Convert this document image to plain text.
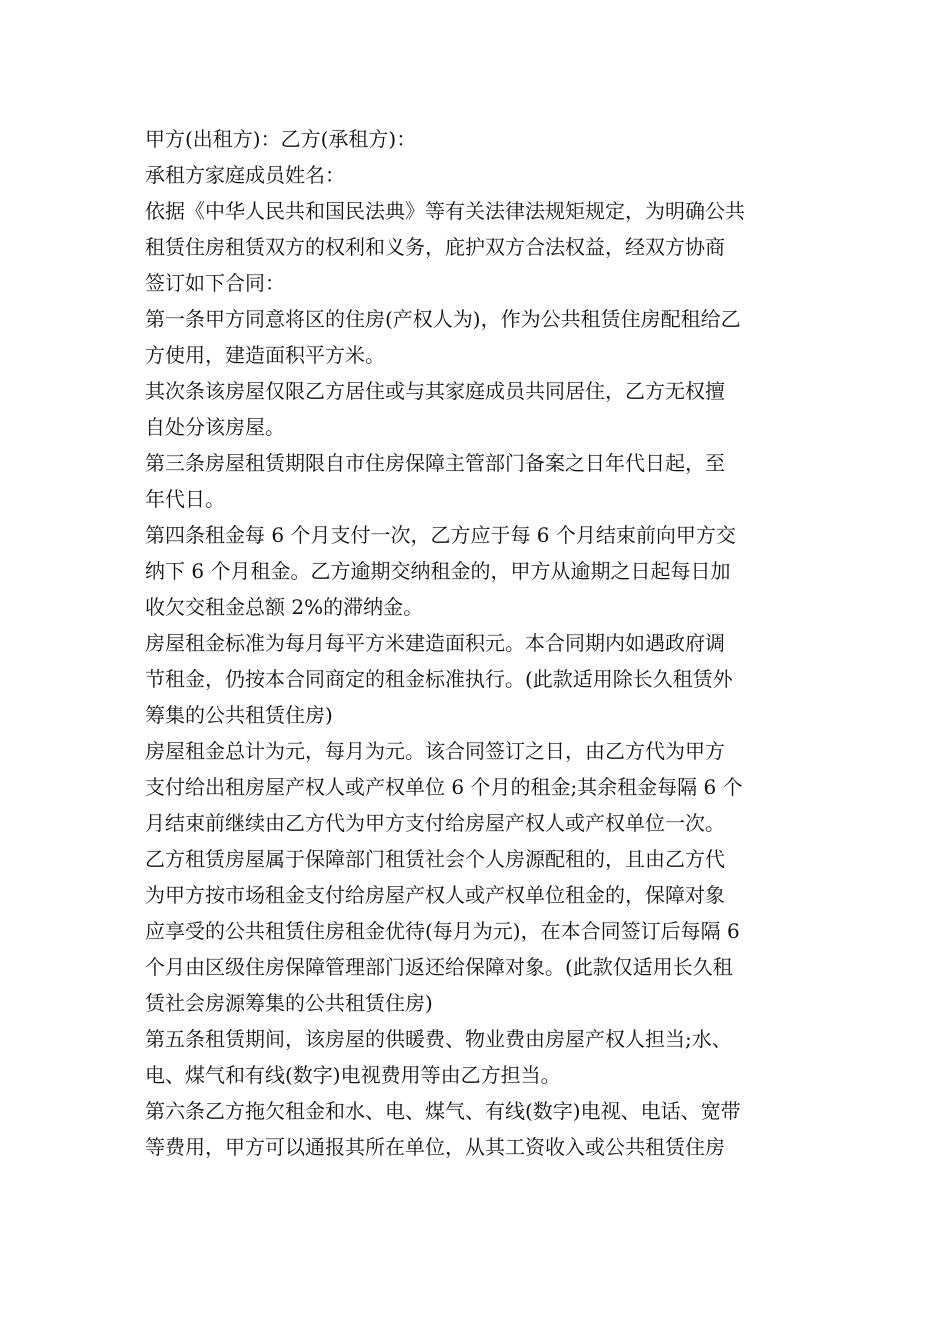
甲方(出租方)：乙方(承租方)：
承租方家庭成员姓名：
依据《中华人民共和国民法典》等有关法律法规矩规定，为明确公共
租赁住房租赁双方的权利和义务，庇护双方合法权益，经双方协商
签订如下合同：
第一条甲方同意将区的住房(产权人为)，作为公共租赁住房配租给乙
方使用，建造面积平方米。
其次条该房屋仅限乙方居住或与其家庭成员共同居住，乙方无权擅
自处分该房屋。
第三条房屋租赁期限自市住房保障主管部门备案之日年代日起，至
年代日。
第四条租金每 6 个月支付一次，乙方应于每 6 个月结束前向甲方交
纳下 6 个月租金。乙方逾期交纳租金的，甲方从逾期之日起每日加
收欠交租金总额 2%的滞纳金。
房屋租金标准为每月每平方米建造面积元。本合同期内如遇政府调
节租金，仍按本合同商定的租金标准执行。(此款适用除长久租赁外
筹集的公共租赁住房)
房屋租金总计为元，每月为元。该合同签订之日，由乙方代为甲方
支付给出租房屋产权人或产权单位 6 个月的租金;其余租金每隔 6 个
月结束前继续由乙方代为甲方支付给房屋产权人或产权单位一次。
乙方租赁房屋属于保障部门租赁社会个人房源配租的，且由乙方代
为甲方按市场租金支付给房屋产权人或产权单位租金的，保障对象
应享受的公共租赁住房租金优待(每月为元)，在本合同签订后每隔 6
个月由区级住房保障管理部门返还给保障对象。(此款仅适用长久租
赁社会房源筹集的公共租赁住房)
第五条租赁期间，该房屋的供暖费、物业费由房屋产权人担当;水、
电、煤气和有线(数字)电视费用等由乙方担当。
第六条乙方拖欠租金和水、电、煤气、有线(数字)电视、电话、宽带
等费用，甲方可以通报其所在单位，从其工资收入或公共租赁住房
